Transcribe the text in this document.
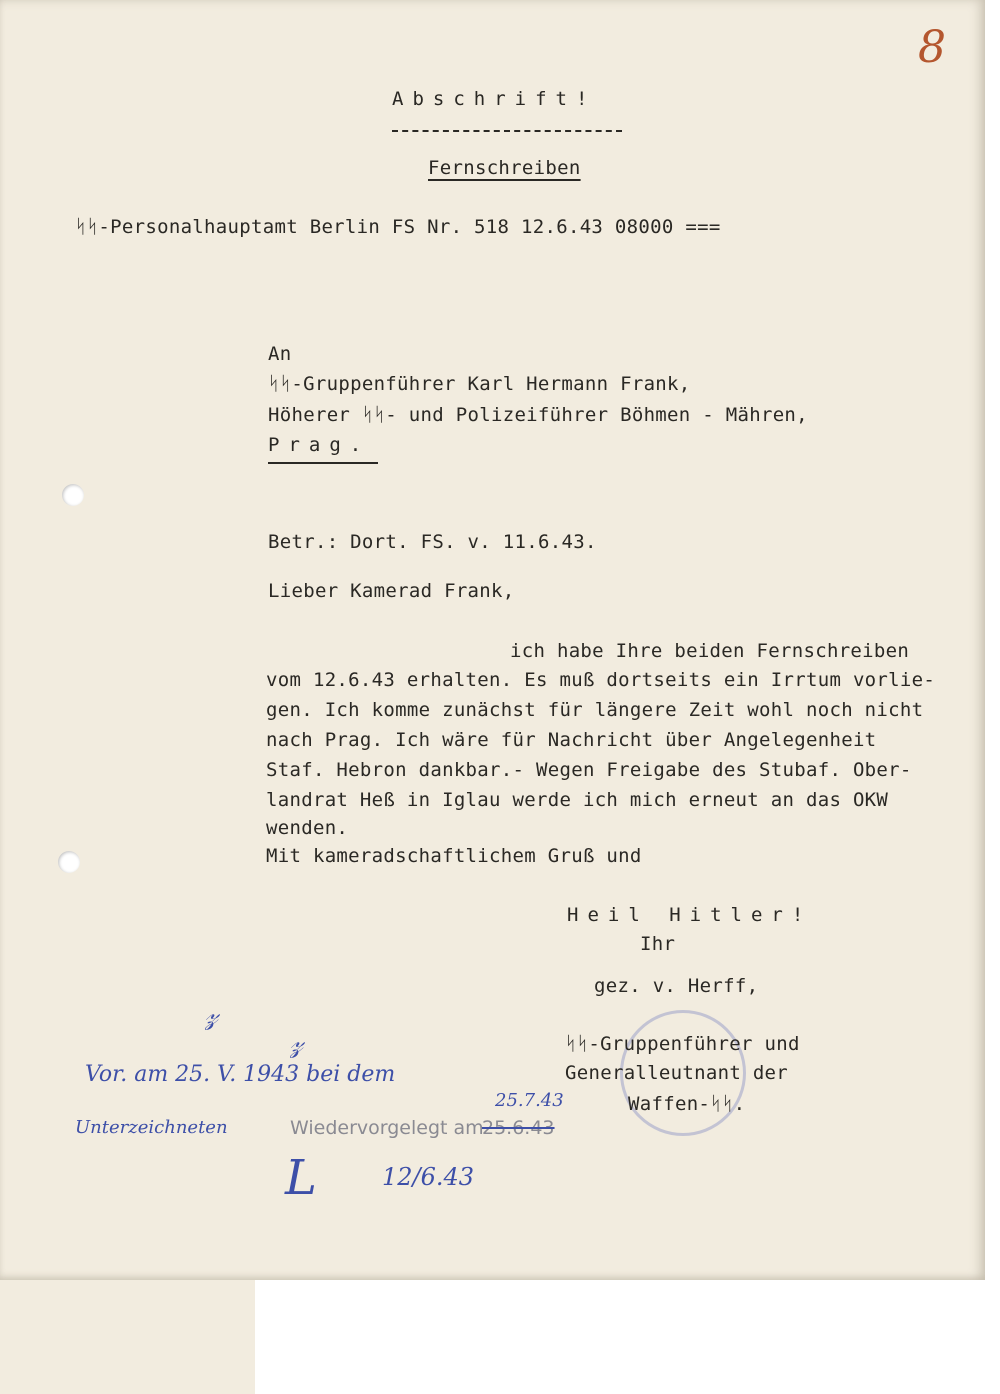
8
Abschrift!
Fernschreiben
ᛋᛋ-Personalhauptamt Berlin FS Nr. 518 12.6.43 08000 ===
An
ᛋᛋ-Gruppenführer Karl Hermann Frank,
Höherer ᛋᛋ- und Polizeiführer Böhmen - Mähren,
Prag.
Betr.: Dort. FS. v. 11.6.43.
Lieber Kamerad Frank,
ich habe Ihre beiden Fernschreiben
vom 12.6.43 erhalten. Es muß dortseits ein Irrtum vorlie-
gen. Ich komme zunächst für längere Zeit wohl noch nicht
nach Prag. Ich wäre für Nachricht über Angelegenheit
Staf. Hebron dankbar.- Wegen Freigabe des Stubaf. Ober-
landrat Heß in Iglau werde ich mich erneut an das OKW
wenden.
Mit kameradschaftlichem Gruß und
Heil Hitler!
Ihr
gez. v. Herff,
ᛋᛋ-Gruppenführer und
Generalleutnant der
Waffen-ᛋᛋ.
𝓏
𝓏
Vor. am 25. V. 1943 bei dem
Unterzeichneten
25.7.43
Wiedervorgelegt am
25.6.43
L	12/6.43
